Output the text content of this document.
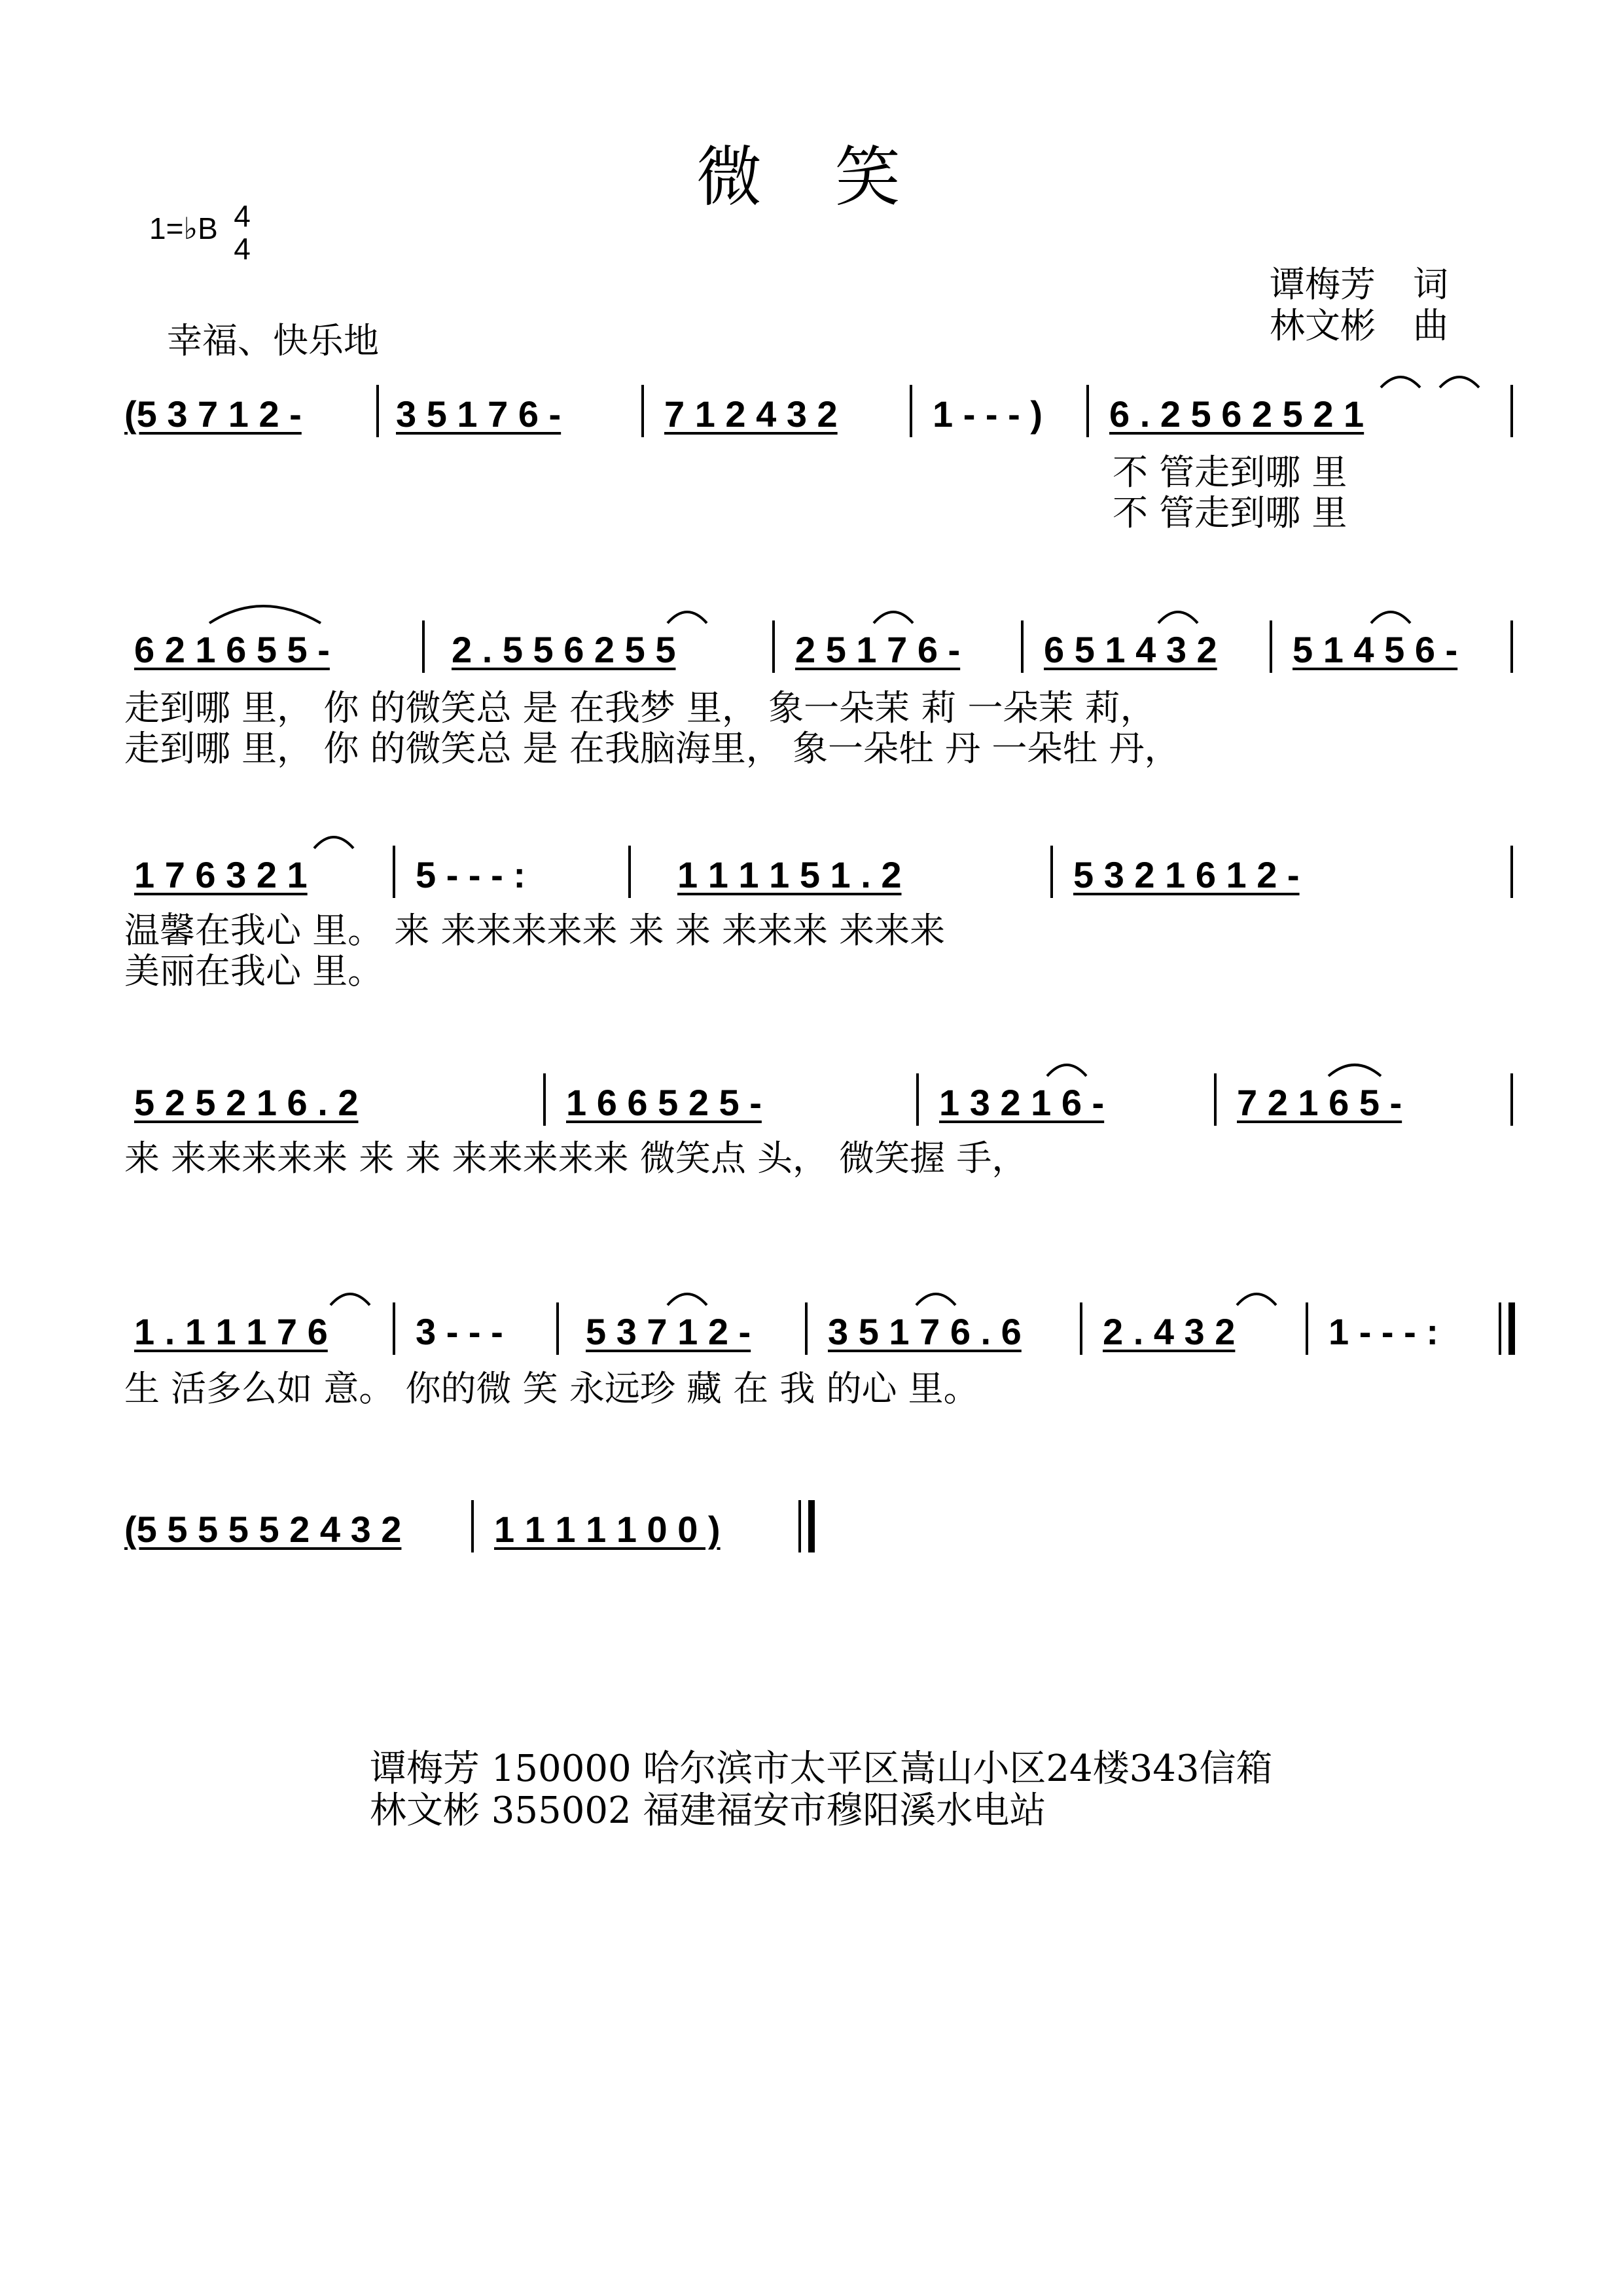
微 笑
1=♭B 4
4
幸福、快乐地
谭梅芳 词
林文彬 曲
(5 3 7 1 2 -	3 5 1 7 6 -	7 1 2 4 3 2	1 - - - ) 6 . 2 5 6 2 5 2 1
不 管走到哪 里
不 管走到哪 里
6 2 1 6 5 5 -	2 . 5 5 6 2 5 5	2 5 1 7 6 - 6 5 1 4 3 2 5 1 4 5 6 -
走到哪 里， 你 的微笑总 是 在我梦 里， 象一朵茉 莉 一朵茉 莉，
走到哪 里， 你 的微笑总 是 在我脑海里， 象一朵牡 丹 一朵牡 丹，
1 7 6 3 2 1	5 - - - :	1 1 1 1 5 1 . 2	5 3 2 1 6 1 2 -
温馨在我心 里。 来 来来来来来 来 来 来来来 来来来
美丽在我心 里。
5 2 5 2 1 6 . 2	1 6 6 5 2 5 -	1 3 2 1 6 -	7 2 1 6 5 -
来 来来来来来 来 来 来来来来来 微笑点 头， 微笑握 手，
1 . 1 1 1 7 6 3 - - - 5 3 7 1 2 - 3 5 1 7 6 . 6 2 . 4 3 2	1 - - - :
生 活多么如 意。 你的微 笑 永远珍 藏 在 我 的心 里。
(5 5 5 5 5 2 4 3 2	1 1 1 1 1 0 0 )
谭梅芳 150000 哈尔滨市太平区嵩山小区24楼343信箱
林文彬 355002 福建福安市穆阳溪水电站
